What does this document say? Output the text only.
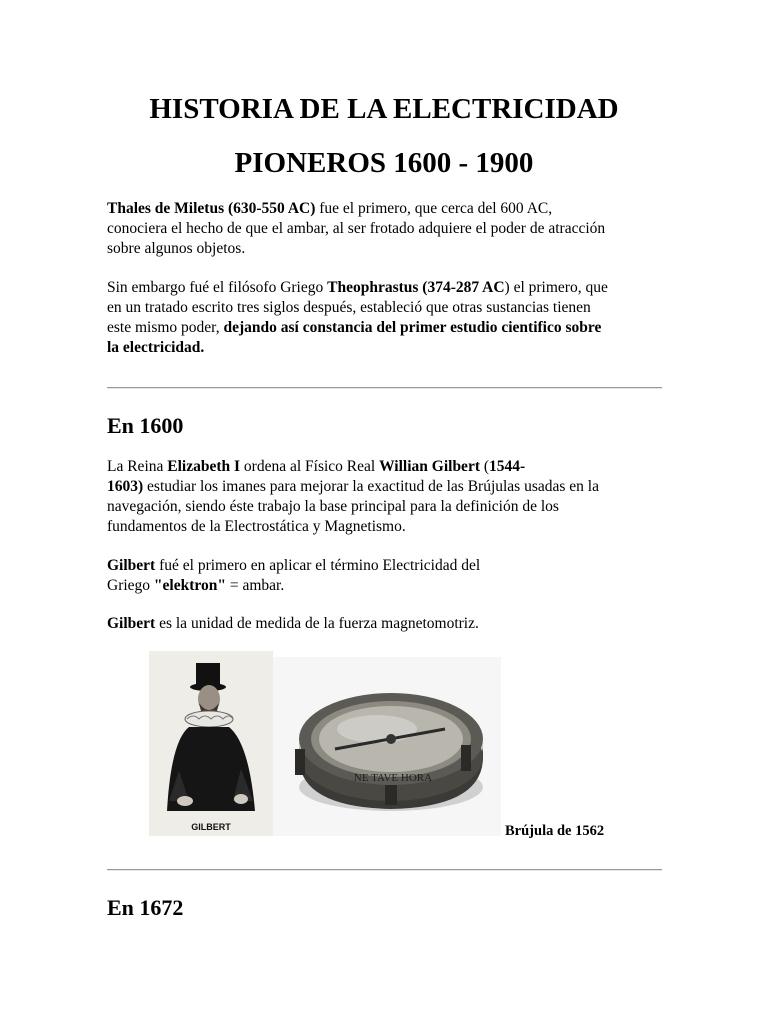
HISTORIA DE LA ELECTRICIDAD
PIONEROS 1600 - 1900

Thales de Miletus (630-550 AC) fue el primero, que cerca del 600 AC,
conociera el hecho de que el ambar, al ser frotado adquiere el poder de atracción
sobre algunos objetos.

Sin embargo fué el filósofo Griego Theophrastus (374-287 AC) el primero, que
en un tratado escrito tres siglos después, estableció que otras sustancias tienen
este mismo poder, dejando así constancia del primer estudio cientifico sobre
la electricidad.

En 1600

La Reina Elizabeth I ordena al Físico Real Willian Gilbert (1544-
1603) estudiar los imanes para mejorar la exactitud de las Brújulas usadas en la
navegación, siendo éste trabajo la base principal para la definición de los
fundamentos de la Electrostática y Magnetismo.

Gilbert fué el primero en aplicar el término Electricidad del
Griego "elektron" = ambar.

Gilbert es la unidad de medida de la fuerza magnetomotriz.

GILBERT
NE TAVE HORA
Brújula de 1562
En 1672
